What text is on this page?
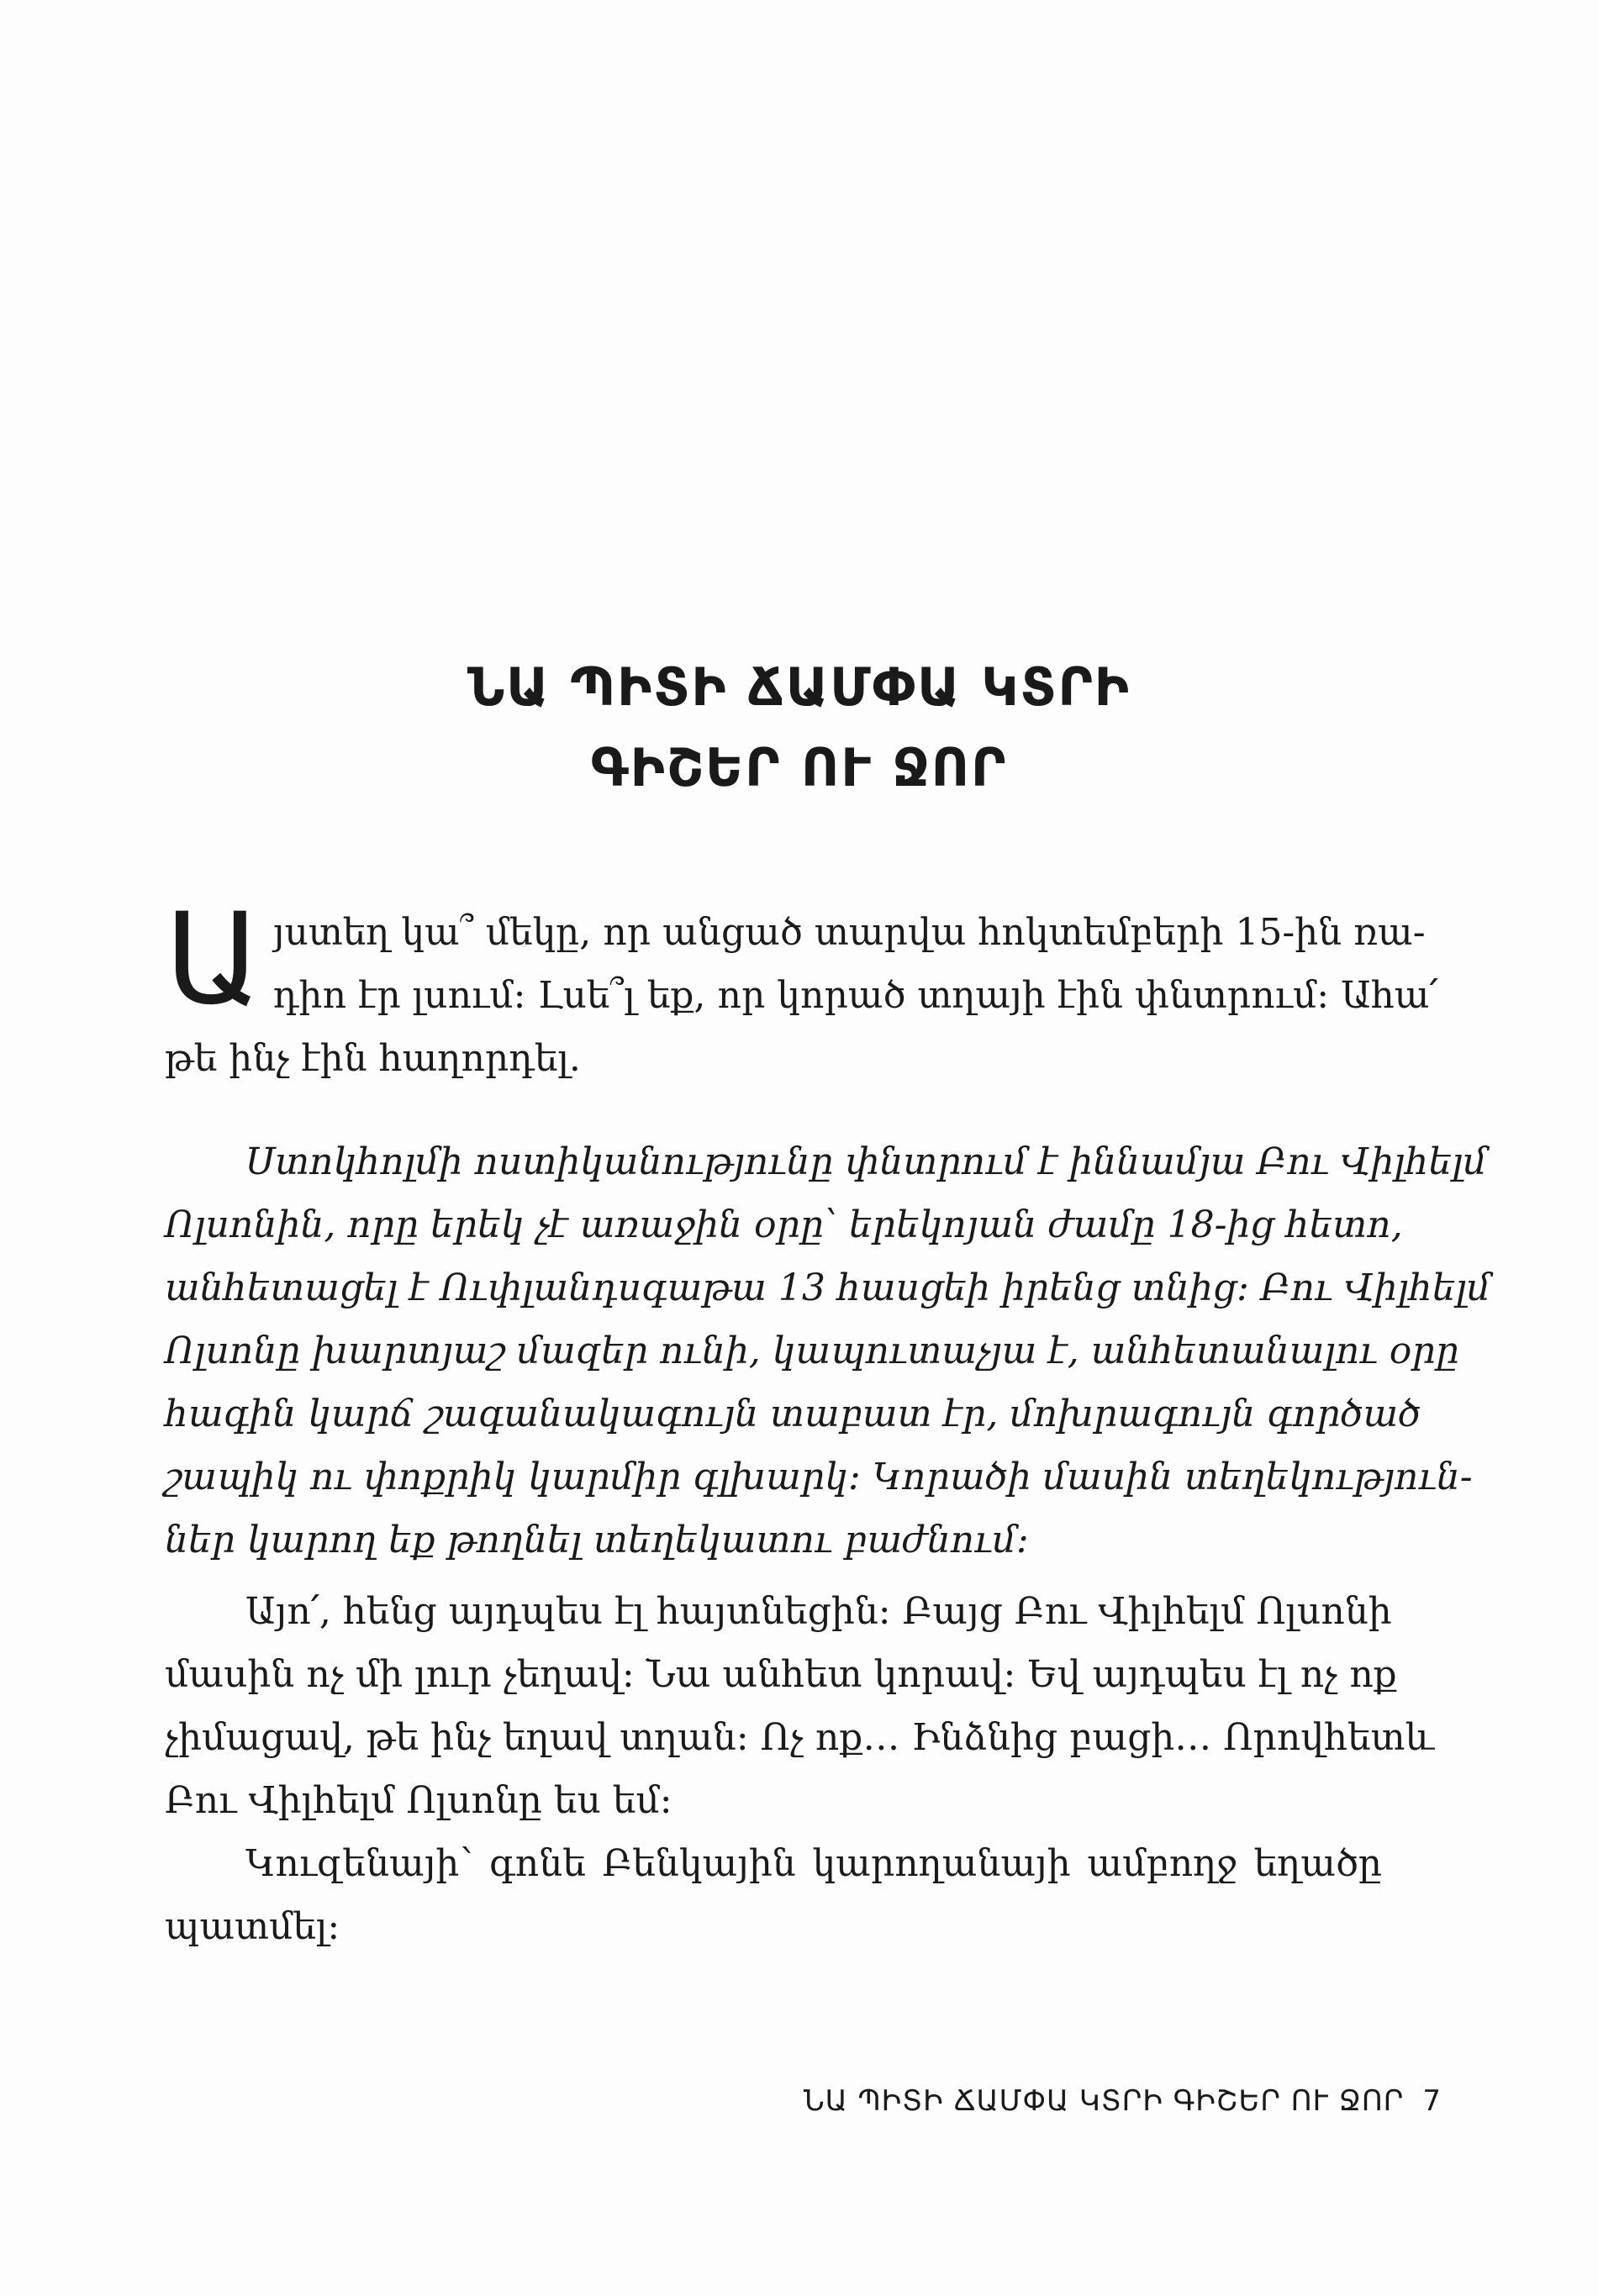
ՆԱ ՊԻՏԻ ՃԱՄՓԱ ԿՏՐԻ
ԳԻՇԵՐ ՈՒ ՋՈՐ
Ա յստեղ կա՞ մեկը, որ անցած տարվա հոկտեմբերի 15-ին ռա-
դիո էր լսում: Լսե՞լ եք, որ կորած տղայի էին փնտրում: Ահա՛
թե ինչ էին հաղորդել.
Ստոկհոլմի ոստիկանությունը փնտրում է իննամյա Բու Վիլհելմ
Ոլսոնին, որը երեկ չէ առաջին օրը՝ երեկոյան ժամը 18-ից հետո,
անհետացել է Ուփլանդսգաթա 13 հասցեի իրենց տնից: Բու Վիլհելմ
Ոլսոնը խարտյաշ մազեր ունի, կապուտաչյա է, անհետանալու օրը
հագին կարճ շագանակագույն տաբատ էր, մոխրագույն գործած
շապիկ ու փոքրիկ կարմիր գլխարկ: Կորածի մասին տեղեկություն-
ներ կարող եք թողնել տեղեկատու բաժնում:
Այո՛, հենց այդպես էլ հայտնեցին: Բայց Բու Վիլհելմ Ոլսոնի
մասին ոչ մի լուր չեղավ: Նա անհետ կորավ: Եվ այդպես էլ ոչ ոք
չիմացավ, թե ինչ եղավ տղան: Ոչ ոք… Ինձնից բացի… Որովհետև
Բու Վիլհելմ Ոլսոնը ես եմ:
Կուզենայի՝ գոնե Բենկային կարողանայի ամբողջ եղածը
պատմել:
ՆԱ ՊԻՏԻ ՃԱՄՓԱ ԿՏՐԻ ԳԻՇԵՐ ՈՒ ՋՈՐ 7
